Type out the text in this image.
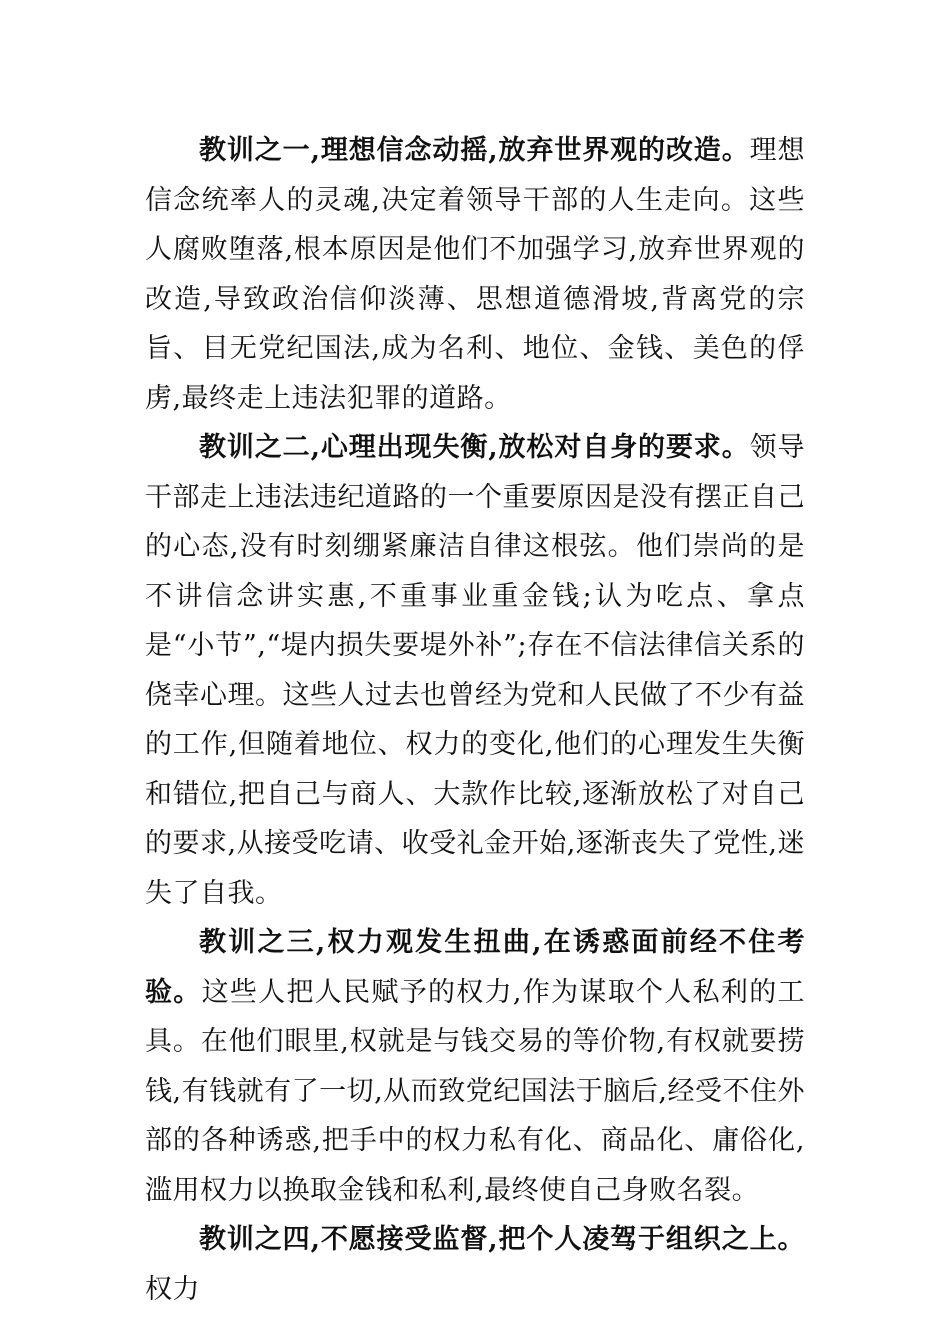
教训之一,理想信念动摇,放弃世界观的改造。理想信念统率人的灵魂,决定着领导干部的人生走向。这些人腐败堕落,根本原因是他们不加强学习,放弃世界观的改造,导致政治信仰淡薄、思想道德滑坡,背离党的宗旨、目无党纪国法,成为名利、地位、金钱、美色的俘虏,最终走上违法犯罪的道路。

教训之二,心理出现失衡,放松对自身的要求。领导干部走上违法违纪道路的一个重要原因是没有摆正自己的心态,没有时刻绷紧廉洁自律这根弦。他们崇尚的是不讲信念讲实惠,不重事业重金钱;认为吃点、拿点是“小节”,“堤内损失要堤外补”;存在不信法律信关系的侥幸心理。这些人过去也曾经为党和人民做了不少有益的工作,但随着地位、权力的变化,他们的心理发生失衡和错位,把自己与商人、大款作比较,逐渐放松了对自己的要求,从接受吃请、收受礼金开始,逐渐丧失了党性,迷失了自我。

教训之三,权力观发生扭曲,在诱惑面前经不住考验。这些人把人民赋予的权力,作为谋取个人私利的工具。在他们眼里,权就是与钱交易的等价物,有权就要捞钱,有钱就有了一切,从而致党纪国法于脑后,经受不住外部的各种诱惑,把手中的权力私有化、商品化、庸俗化,滥用权力以换取金钱和私利,最终使自己身败名裂。

教训之四,不愿接受监督,把个人凌驾于组织之上。权力
